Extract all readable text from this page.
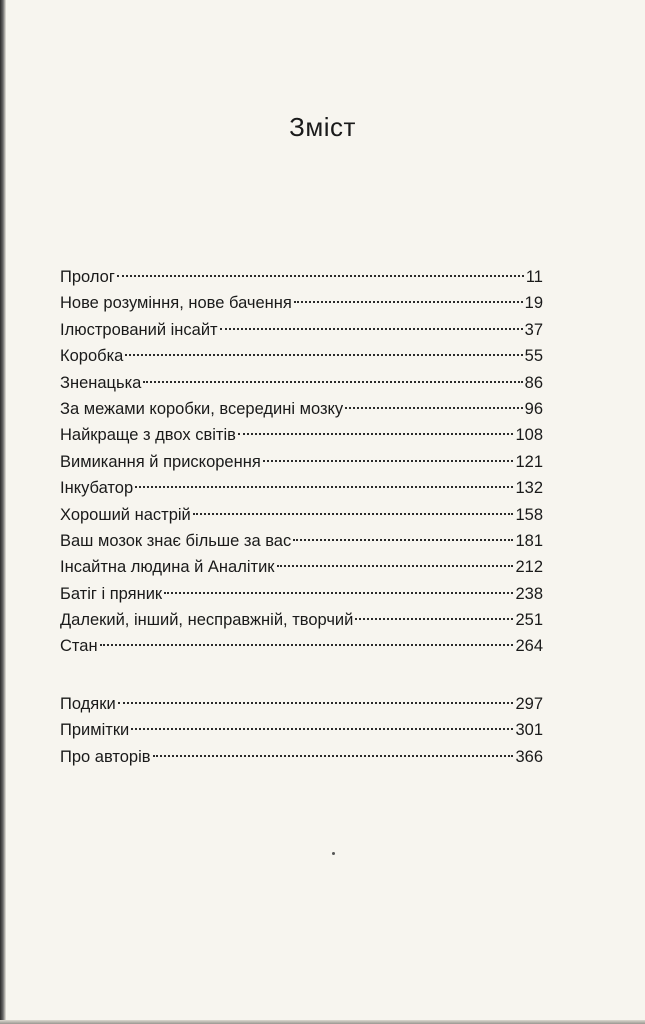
Зміст
Пролог	11
Нове розуміння, нове бачення	19
Ілюстрований інсайт	37
Коробка	55
Зненацька	86
За межами коробки, всередині мозку	96
Найкраще з двох світів	108
Вимикання й прискорення	121
Інкубатор	132
Хороший настрій	158
Ваш мозок знає більше за вас	181
Інсайтна людина й Аналітик	212
Батіг і пряник	238
Далекий, інший, несправжній, творчий	251
Стан	264
Подяки	297
Примітки	301
Про авторів	366
